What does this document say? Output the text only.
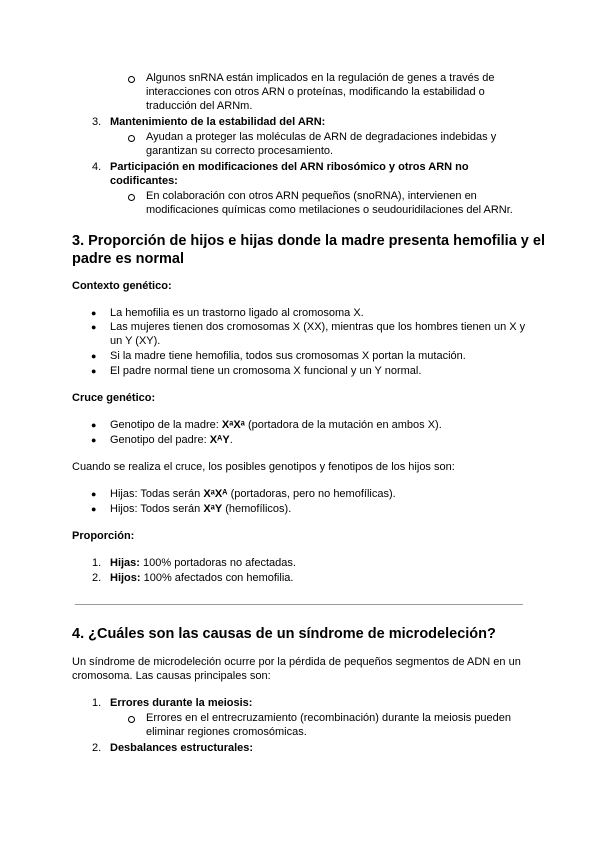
Algunos snRNA están implicados en la regulación de genes a través de
interacciones con otros ARN o proteínas, modificando la estabilidad o
traducción del ARNm.
3. Mantenimiento de la estabilidad del ARN:
Ayudan a proteger las moléculas de ARN de degradaciones indebidas y
garantizan su correcto procesamiento.
4. Participación en modificaciones del ARN ribosómico y otros ARN no
codificantes:
En colaboración con otros ARN pequeños (snoRNA), intervienen en
modificaciones químicas como metilaciones o seudouridilaciones del ARNr.
3. Proporción de hijos e hijas donde la madre presenta hemofilia y el
padre es normal
Contexto genético:
● La hemofilia es un trastorno ligado al cromosoma X.
● Las mujeres tienen dos cromosomas X (XX), mientras que los hombres tienen un X y
un Y (XY).
● Si la madre tiene hemofilia, todos sus cromosomas X portan la mutación.
● El padre normal tiene un cromosoma X funcional y un Y normal.
Cruce genético:
● Genotipo de la madre: XᵃXᵃ (portadora de la mutación en ambos X).
● Genotipo del padre: XᴬY.
Cuando se realiza el cruce, los posibles genotipos y fenotipos de los hijos son:
● Hijas: Todas serán XᵃXᴬ (portadoras, pero no hemofílicas).
● Hijos: Todos serán XᵃY (hemofílicos).
Proporción:
1. Hijas: 100% portadoras no afectadas.
2. Hijos: 100% afectados con hemofilia.
4. ¿Cuáles son las causas de un síndrome de microdeleción?
Un síndrome de microdeleción ocurre por la pérdida de pequeños segmentos de ADN en un
cromosoma. Las causas principales son:
1. Errores durante la meiosis:
Errores en el entrecruzamiento (recombinación) durante la meiosis pueden
eliminar regiones cromosómicas.
2. Desbalances estructurales:
